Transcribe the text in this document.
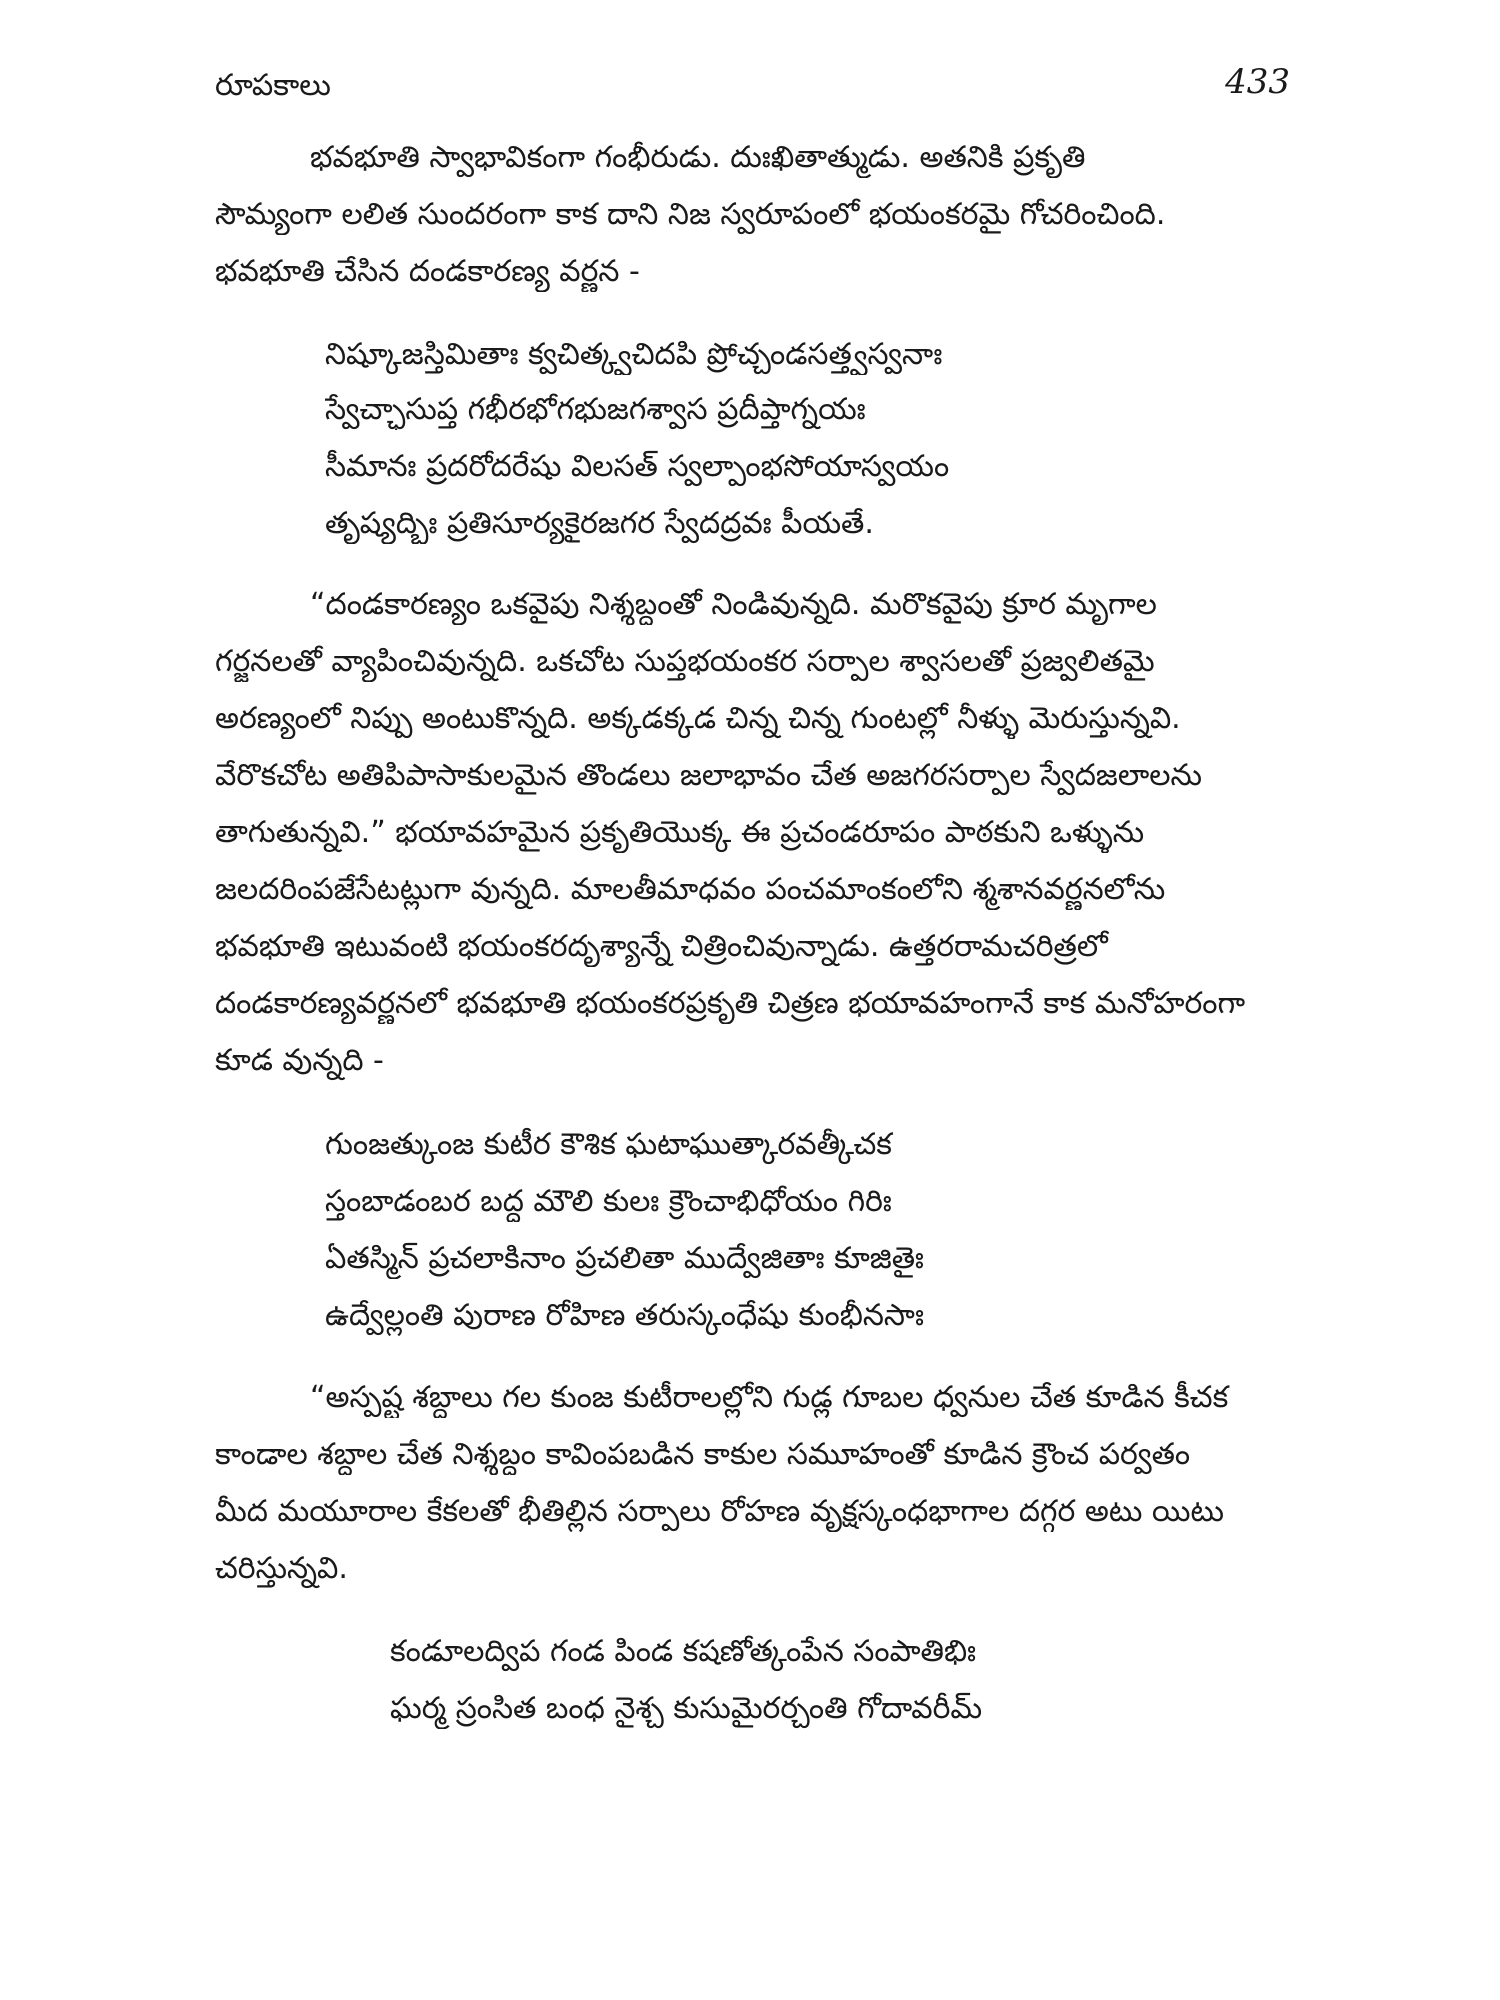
రూపకాలు	433
భవభూతి స్వాభావికంగా గంభీరుడు. దుఃఖితాత్ముడు. అతనికి ప్రకృతి
సౌమ్యంగా లలిత సుందరంగా కాక దాని నిజ స్వరూపంలో భయంకరమై గోచరించింది.
భవభూతి చేసిన దండకారణ్య వర్ణన -
నిష్కూజస్తిమితాః క్వచిత్క్వచిదపి ప్రోచ్చండసత్త్వస్వనాః
స్వేచ్ఛాసుప్త గభీరభోగభుజగశ్వాస ప్రదీప్తాగ్నయః
సీమానః ప్రదరోదరేషు విలసత్ స్వల్పాంభసోయాస్వయం
తృష్యద్భిః ప్రతిసూర్యకైరజగర స్వేదద్రవః పీయతే.
“దండకారణ్యం ఒకవైపు నిశ్శబ్దంతో నిండివున్నది. మరొకవైపు క్రూర మృగాల
గర్జనలతో వ్యాపించివున్నది. ఒకచోట సుప్తభయంకర సర్పాల శ్వాసలతో ప్రజ్వలితమై
అరణ్యంలో నిప్పు అంటుకొన్నది. అక్కడక్కడ చిన్న చిన్న గుంటల్లో నీళ్ళు మెరుస్తున్నవి.
వేరొకచోట అతిపిపాసాకులమైన తొండలు జలాభావం చేత అజగరసర్పాల స్వేదజలాలను
తాగుతున్నవి.” భయావహమైన ప్రకృతియొక్క ఈ ప్రచండరూపం పాఠకుని ఒళ్ళును
జలదరింపజేసేటట్లుగా వున్నది. మాలతీమాధవం పంచమాంకంలోని శ్మశానవర్ణనలోను
భవభూతి ఇటువంటి భయంకరదృశ్యాన్నే చిత్రించివున్నాడు. ఉత్తరరామచరిత్రలో
దండకారణ్యవర్ణనలో భవభూతి భయంకరప్రకృతి చిత్రణ భయావహంగానే కాక మనోహరంగా
కూడ వున్నది -
గుంజత్కుంజ కుటీర కౌశిక ఘటాఘుత్కారవత్కీచక
స్తంబాడంబర బద్ధ మౌలి కులః క్రౌంచాభిధోయం గిరిః
ఏతస్మిన్ ప్రచలాకినాం ప్రచలితా ముద్వేజితాః కూజితైః
ఉద్వేల్లంతి పురాణ రోహిణ తరుస్కంధేషు కుంభీనసాః
“అస్పష్ట శబ్దాలు గల కుంజ కుటీరాలల్లోని గుడ్ల గూబల ధ్వనుల చేత కూడిన కీచక
కాండాల శబ్దాల చేత నిశ్శబ్దం కావింపబడిన కాకుల సమూహంతో కూడిన క్రౌంచ పర్వతం
మీద మయూరాల కేకలతో భీతిల్లిన సర్పాలు రోహణ వృక్షస్కంధభాగాల దగ్గర అటు యిటు
చరిస్తున్నవి.
కండూలద్విప గండ పిండ కషణోత్కంపేన సంపాతిభిః
ఘర్మ స్రంసిత బంధ నైశ్చ కుసుమైరర్చంతి గోదావరీమ్
